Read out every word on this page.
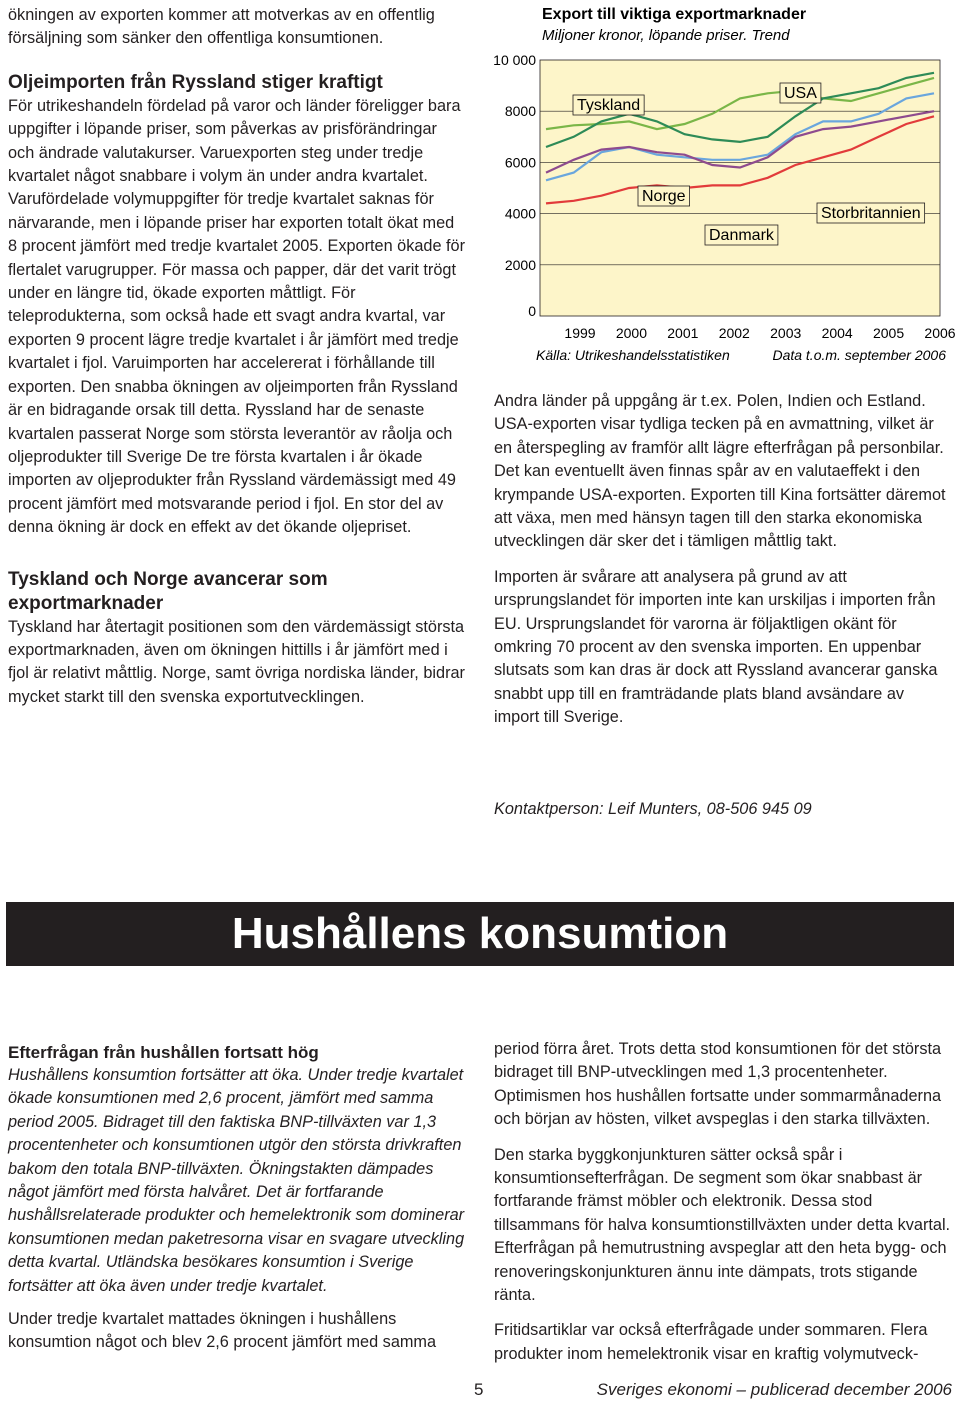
ökningen av exporten kommer att motverkas av en offentlig försäljning som sänker den offentliga konsumtionen.

Oljeimporten från Ryssland stiger kraftigt

För utrikeshandeln fördelad på varor och länder föreligger bara uppgifter i löpande priser, som påverkas av prisförändringar och ändrade valutakurser. Varuexporten steg under tredje kvartalet något snabbare i volym än under andra kvartalet. Varufördelade volymuppgifter för tredje kvartalet saknas för närvarande, men i löpande priser har exporten totalt ökat med 8 procent jämfört med tredje kvartalet 2005. Exporten ökade för flertalet varugrupper. För massa och papper, där det varit trögt under en längre tid, ökade exporten måttligt. För teleprodukterna, som också hade ett svagt andra kvartal, var exporten 9 procent lägre tredje kvartalet i år jämfört med tredje kvartalet i fjol. Varuimporten har accelererat i förhållande till exporten. Den snabba ökningen av oljeimporten från Ryssland är en bidragande orsak till detta. Ryssland har de senaste kvartalen passerat Norge som största leverantör av råolja och oljeprodukter till Sverige De tre första kvartalen i år ökade importen av oljeprodukter från Ryssland värdemässigt med 49 procent jämfört med motsvarande period i fjol. En stor del av denna ökning är dock en effekt av det ökande oljepriset.

Tyskland och Norge avancerar som exportmarknader

Tyskland har återtagit positionen som den värdemässigt största exportmarknaden, även om ökningen hittills i år jämfört med i fjol är relativt måttlig. Norge, samt övriga nordiska länder, bidrar mycket starkt till den svenska exportutvecklingen.

Export till viktiga exportmarknader
Miljoner kronor, löpande priser. Trend
0
2000
4000
6000
8000
10 000
1999 2000 2001 2002 2003 2004 2005 2006
Tyskland
USA
Norge
Storbritannien
Danmark
Källa: Utrikeshandelsstatistiken	Data t.o.m. september 2006

Andra länder på uppgång är t.ex. Polen, Indien och Estland. USA-exporten visar tydliga tecken på en avmattning, vilket är en återspegling av framför allt lägre efterfrågan på personbilar. Det kan eventuellt även finnas spår av en valutaeffekt i den krympande USA-exporten. Exporten till Kina fortsätter däremot att växa, men med hänsyn tagen till den starka ekonomiska utvecklingen där sker det i tämligen måttlig takt.

Importen är svårare att analysera på grund av att ursprungslandet för importen inte kan urskiljas i importen från EU. Ursprungslandet för varorna är följaktligen okänt för omkring 70 procent av den svenska importen. En uppenbar slutsats som kan dras är dock att Ryssland avancerar ganska snabbt upp till en framträdande plats bland avsändare av import till Sverige.

Kontaktperson: Leif Munters, 08-506 945 09
Hushållens konsumtion

Efterfrågan från hushållen fortsatt hög

Hushållens konsumtion fortsätter att öka. Under tredje kvartalet ökade konsumtionen med 2,6 procent, jämfört med samma period 2005. Bidraget till den faktiska BNP-tillväxten var 1,3 procentenheter och konsumtionen utgör den största drivkraften bakom den totala BNP-tillväxten. Ökningstakten dämpades något jämfört med första halvåret. Det är fortfarande hushållsrelaterade produkter och hemelektronik som dominerar konsumtionen medan paketresorna visar en svagare utveckling detta kvartal. Utländska besökares konsumtion i Sverige fortsätter att öka även under tredje kvartalet.

Under tredje kvartalet mattades ökningen i hushållens konsumtion något och blev 2,6 procent jämfört med samma

period förra året. Trots detta stod konsumtionen för det största bidraget till BNP-utvecklingen med 1,3 procentenheter. Optimismen hos hushållen fortsatte under sommarmånaderna och början av hösten, vilket avspeglas i den starka tillväxten.

Den starka byggkonjunkturen sätter också spår i konsumtionsefterfrågan. De segment som ökar snabbast är fortfarande främst möbler och elektronik. Dessa stod tillsammans för halva konsumtionstillväxten under detta kvartal. Efterfrågan på hemutrustning avspeglar att den heta bygg- och renoveringskonjunkturen ännu inte dämpats, trots stigande ränta.

Fritidsartiklar var också efterfrågade under sommaren. Flera produkter inom hemelektronik visar en kraftig volymutveck-

5	Sveriges ekonomi – publicerad december 2006
